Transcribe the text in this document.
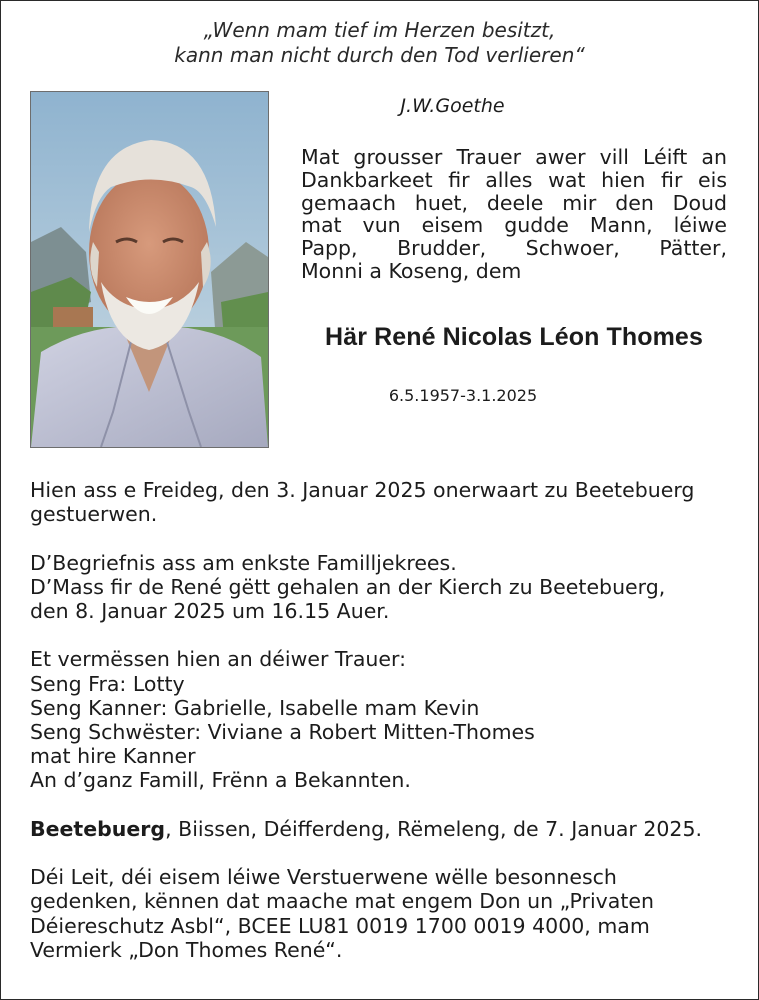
„Wenn mam tief im Herzen besitzt,
kann man nicht durch den Tod verlieren“
J.W.Goethe
Mat grousser Trauer awer vill Léift an
Dankbarkeet fir alles wat hien fir eis
gemaach huet, deele mir den Doud
mat vun eisem gudde Mann, léiwe
Papp, Brudder, Schwoer, Pätter,
Monni a Koseng, dem
Här René Nicolas Léon Thomes
6.5.1957-3.1.2025
Hien ass e Freideg, den 3. Januar 2025 onerwaart zu Beetebuerg
gestuerwen.
D’Begriefnis ass am enkste Familljekrees.
D’Mass fir de René gëtt gehalen an der Kierch zu Beetebuerg,
den 8. Januar 2025 um 16.15 Auer.
Et vermëssen hien an déiwer Trauer:
Seng Fra: Lotty
Seng Kanner: Gabrielle, Isabelle mam Kevin
Seng Schwëster: Viviane a Robert Mitten-Thomes
mat hire Kanner
An d’ganz Famill, Frënn a Bekannten.
Beetebuerg, Biissen, Déifferdeng, Rëmeleng, de 7. Januar 2025.
Déi Leit, déi eisem léiwe Verstuerwene wëlle besonnesch
gedenken, kënnen dat maache mat engem Don un „Privaten
Déiereschutz Asbl“, BCEE LU81 0019 1700 0019 4000, mam
Vermierk „Don Thomes René“.
